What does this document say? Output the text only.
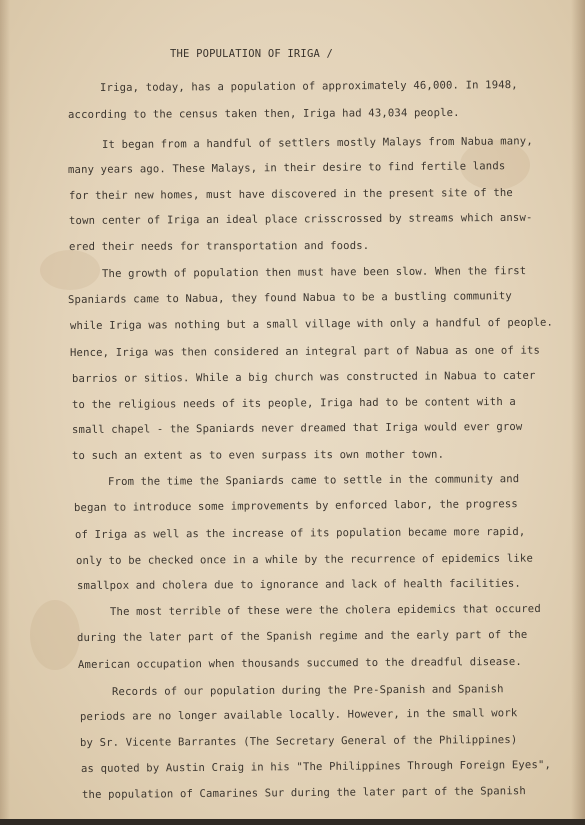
THE POPULATION OF IRIGA /
Iriga, today, has a population of approximately 46,000. In 1948,
according to the census taken then, Iriga had 43,034 people.
It began from a handful of settlers mostly Malays from Nabua many,
many years ago. These Malays, in their desire to find fertile lands
for their new homes, must have discovered in the present site of the
town center of Iriga an ideal place crisscrossed by streams which answ-
ered their needs for transportation and foods.
The growth of population then must have been slow. When the first
Spaniards came to Nabua, they found Nabua to be a bustling community
while Iriga was nothing but a small village with only a handful of people.
Hence, Iriga was then considered an integral part of Nabua as one of its
barrios or sitios. While a big church was constructed in Nabua to cater
to the religious needs of its people, Iriga had to be content with a
small chapel - the Spaniards never dreamed that Iriga would ever grow
to such an extent as to even surpass its own mother town.
From the time the Spaniards came to settle in the community and
began to introduce some improvements by enforced labor, the progress
of Iriga as well as the increase of its population became more rapid,
only to be checked once in a while by the recurrence of epidemics like
smallpox and cholera due to ignorance and lack of health facilities.
The most terrible of these were the cholera epidemics that occured
during the later part of the Spanish regime and the early part of the
American occupation when thousands succumed to the dreadful disease.
Records of our population during the Pre-Spanish and Spanish
periods are no longer available locally. However, in the small work
by Sr. Vicente Barrantes (The Secretary General of the Philippines)
as quoted by Austin Craig in his "The Philippines Through Foreign Eyes",
the population of Camarines Sur during the later part of the Spanish
